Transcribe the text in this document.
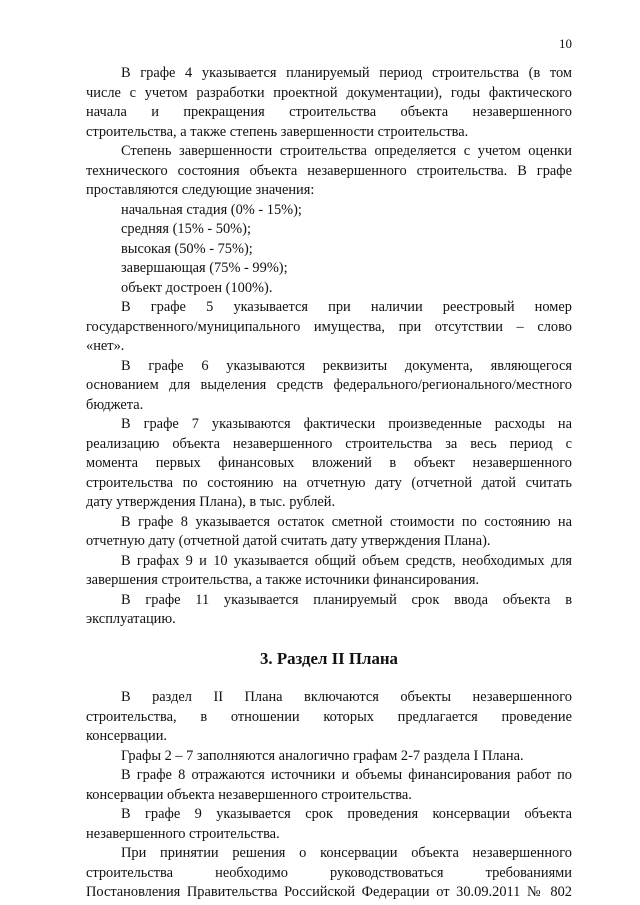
10

В графе 4 указывается планируемый период строительства (в том

числе с учетом разработки проектной документации), годы фактического

начала и прекращения строительства объекта незавершенного

строительства, а также степень завершенности строительства.

Степень завершенности строительства определяется с учетом оценки

технического состояния объекта незавершенного строительства. В графе

проставляются следующие значения:

начальная стадия (0% - 15%);

средняя (15% - 50%);

высокая (50% - 75%);

завершающая (75% - 99%);

объект достроен (100%).

В графе 5 указывается при наличии реестровый номер

государственного/муниципального имущества, при отсутствии – слово

«нет».

В графе 6 указываются реквизиты документа, являющегося

основанием для выделения средств федерального/регионального/местного

бюджета.

В графе 7 указываются фактически произведенные расходы на

реализацию объекта незавершенного строительства за весь период с

момента первых финансовых вложений в объект незавершенного

строительства по состоянию на отчетную дату (отчетной датой считать

дату утверждения Плана), в тыс. рублей.

В графе 8 указывается остаток сметной стоимости по состоянию на

отчетную дату (отчетной датой считать дату утверждения Плана).

В графах 9 и 10 указывается общий объем средств, необходимых для

завершения строительства, а также источники финансирования.

В графе 11 указывается планируемый срок ввода объекта в

эксплуатацию.

3. Раздел II Плана

В раздел II Плана включаются объекты незавершенного

строительства, в отношении которых предлагается проведение

консервации.

Графы 2 – 7 заполняются аналогично графам 2-7 раздела I Плана.

В графе 8 отражаются источники и объемы финансирования работ по

консервации объекта незавершенного строительства.

В графе 9 указывается срок проведения консервации объекта

незавершенного строительства.

При принятии решения о консервации объекта незавершенного

строительства необходимо руководствоваться требованиями

Постановления Правительства Российской Федерации от 30.09.2011 № 802
